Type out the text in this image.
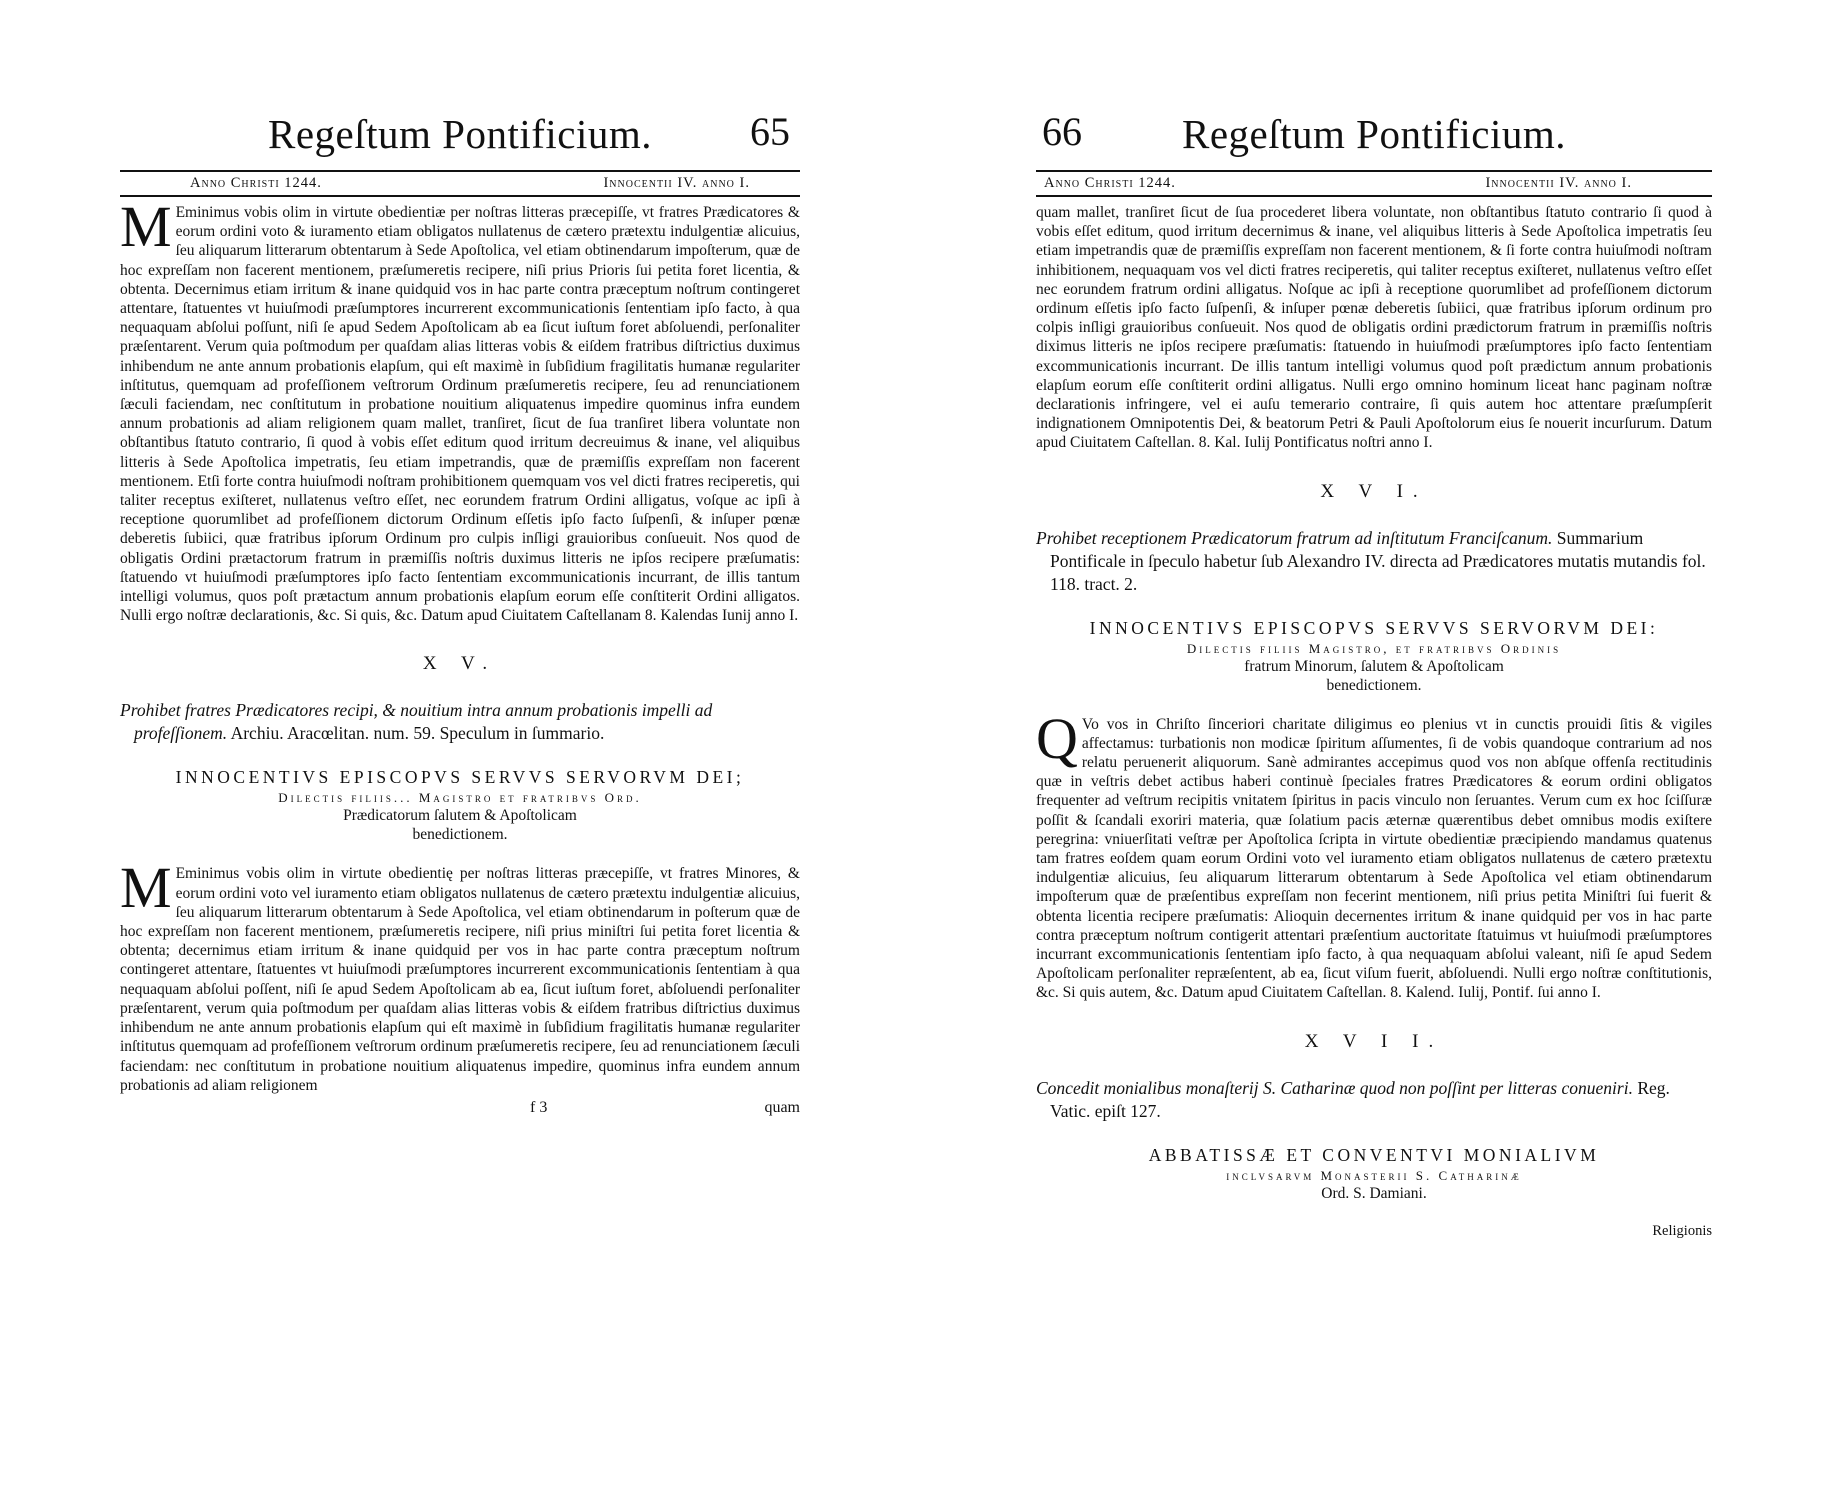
Regeſtum Pontificium.	65
Anno Christi 1244.	Innocentii IV. anno I.
M Eminimus vobis olim in virtute obedientiæ per noſtras litteras præcepiſſe, vt fratres Prædicatores & eorum ordini voto & iuramento etiam obligatos nullatenus de cætero prætextu indulgentiæ alicuius, ſeu aliquarum litterarum obtentarum à Sede Apoſtolica, vel etiam obtinendarum impoſterum, quæ de hoc expreſſam non facerent mentionem, præſumeretis recipere, niſi prius Prioris ſui petita foret licentia, & obtenta. Decernimus etiam irritum & inane quidquid vos in hac parte contra præceptum noſtrum contingeret attentare, ſtatuentes vt huiuſmodi præſumptores incurrerent excommunicationis ſententiam ipſo facto, à qua nequaquam abſolui poſſunt, niſi ſe apud Sedem Apoſtolicam ab ea ſicut iuſtum foret abſoluendi, perſonaliter præſentarent. Verum quia poſtmodum per quaſdam alias litteras vobis & eiſdem fratribus diſtrictius duximus inhibendum ne ante annum probationis elapſum, qui eſt maximè in ſubſidium fragilitatis humanæ regulariter inſtitutus, quemquam ad profeſſionem veſtrorum Ordinum præſumeretis recipere, ſeu ad renunciationem ſæculi faciendam, nec conſtitutum in probatione nouitium aliquatenus impedire quominus infra eundem annum probationis ad aliam religionem quam mallet, tranſiret, ſicut de ſua tranſiret libera voluntate non obſtantibus ſtatuto contrario, ſi quod à vobis eſſet editum quod irritum decreuimus & inane, vel aliquibus litteris à Sede Apoſtolica impetratis, ſeu etiam impetrandis, quæ de præmiſſis expreſſam non facerent mentionem. Etſi forte contra huiuſmodi noſtram prohibitionem quemquam vos vel dicti fratres reciperetis, qui taliter receptus exiſteret, nullatenus veſtro eſſet, nec eorundem fratrum Ordini alligatus, voſque ac ipſi à receptione quorumlibet ad profeſſionem dictorum Ordinum eſſetis ipſo facto ſuſpenſi, & inſuper pœnæ deberetis ſubiici, quæ fratribus ipſorum Ordinum pro culpis inſligi grauioribus conſueuit. Nos quod de obligatis Ordini prætactorum fratrum in præmiſſis noſtris duximus litteris ne ipſos recipere præſumatis: ſtatuendo vt huiuſmodi præſumptores ipſo facto ſententiam excommunicationis incurrant, de illis tantum intelligi volumus, quos poſt prætactum annum probationis elapſum eorum eſſe conſtiterit Ordini alligatos. Nulli ergo noſtræ declarationis, &c. Si quis, &c. Datum apud Ciuitatem Caſtellanam 8. Kalendas Iunij anno I.
X V.
Prohibet fratres Prædicatores recipi, & nouitium intra annum probationis impelli ad profeſſionem. Archiu. Aracœlitan. num. 59. Speculum in ſummario.
INNOCENTIVS EPISCOPVS SERVVS SERVORVM DEI;
Dilectis filiis... Magistro et fratribvs Ord.
Prædicatorum ſalutem & Apoſtolicam
benedictionem.
M Eminimus vobis olim in virtute obedientię per noſtras litteras præcepiſſe, vt fratres Minores, & eorum ordini voto vel iuramento etiam obligatos nullatenus de cætero prætextu indulgentiæ alicuius, ſeu aliquarum litterarum obtentarum à Sede Apoſtolica, vel etiam obtinendarum in poſterum quæ de hoc expreſſam non facerent mentionem, præſumeretis recipere, niſi prius miniſtri ſui petita foret licentia & obtenta; decernimus etiam irritum & inane quidquid per vos in hac parte contra præceptum noſtrum contingeret attentare, ſtatuentes vt huiuſmodi præſumptores incurrerent excommunicationis ſententiam à qua nequaquam abſolui poſſent, niſi ſe apud Sedem Apoſtolicam ab ea, ſicut iuſtum foret, abſoluendi perſonaliter præſentarent, verum quia poſtmodum per quaſdam alias litteras vobis & eiſdem fratribus diſtrictius duximus inhibendum ne ante annum probationis elapſum qui eſt maximè in ſubſidium fragilitatis humanæ regulariter inſtitutus quemquam ad profeſſionem veſtrorum ordinum præſumeretis recipere, ſeu ad renunciationem ſæculi faciendam: nec conſtitutum in probatione nouitium aliquatenus impedire, quominus infra eundem annum probationis ad aliam religionem
f 3	quam
66	Regeſtum Pontificium.
Anno Christi 1244.	Innocentii IV. anno I.
quam mallet, tranſiret ſicut de ſua procederet libera voluntate, non obſtantibus ſtatuto contrario ſi quod à vobis eſſet editum, quod irritum decernimus & inane, vel aliquibus litteris à Sede Apoſtolica impetratis ſeu etiam impetrandis quæ de præmiſſis expreſſam non facerent mentionem, & ſi forte contra huiuſmodi noſtram inhibitionem, nequaquam vos vel dicti fratres reciperetis, qui taliter receptus exiſteret, nullatenus veſtro eſſet nec eorundem fratrum ordini alligatus. Noſque ac ipſi à receptione quorumlibet ad profeſſionem dictorum ordinum eſſetis ipſo facto ſuſpenſi, & inſuper pœnæ deberetis ſubiici, quæ fratribus ipſorum ordinum pro colpis inſligi grauioribus conſueuit. Nos quod de obligatis ordini prædictorum fratrum in præmiſſis noſtris diximus litteris ne ipſos recipere præſumatis: ſtatuendo in huiuſmodi præſumptores ipſo facto ſententiam excommunicationis incurrant. De illis tantum intelligi volumus quod poſt prædictum annum probationis elapſum eorum eſſe conſtiterit ordini alligatus. Nulli ergo omnino hominum liceat hanc paginam noſtræ declarationis infringere, vel ei auſu temerario contraire, ſi quis autem hoc attentare præſumpſerit indignationem Omnipotentis Dei, & beatorum Petri & Pauli Apoſtolorum eius ſe nouerit incurſurum. Datum apud Ciuitatem Caſtellan. 8. Kal. Iulij Pontificatus noſtri anno I.
X V I.
Prohibet receptionem Prædicatorum fratrum ad inſtitutum Franciſcanum. Summarium Pontificale in ſpeculo habetur ſub Alexandro IV. directa ad Prædicatores mutatis mutandis fol. 118. tract. 2.
INNOCENTIVS EPISCOPVS SERVVS SERVORVM DEI:
Dilectis filiis Magistro, et fratribvs Ordinis
fratrum Minorum, ſalutem & Apoſtolicam
benedictionem.
Q Vo vos in Chriſto ſinceriori charitate diligimus eo plenius vt in cunctis prouidi ſitis & vigiles affectamus: turbationis non modicæ ſpiritum aſſumentes, ſi de vobis quandoque contrarium ad nos relatu peruenerit aliquorum. Sanè admirantes accepimus quod vos non abſque offenſa rectitudinis quæ in veſtris debet actibus haberi continuè ſpeciales fratres Prædicatores & eorum ordini obligatos frequenter ad veſtrum recipitis vnitatem ſpiritus in pacis vinculo non ſeruantes. Verum cum ex hoc ſciſſuræ poſſit & ſcandali exoriri materia, quæ ſolatium pacis æternæ quærentibus debet omnibus modis exiſtere peregrina: vniuerſitati veſtræ per Apoſtolica ſcripta in virtute obedientiæ præcipiendo mandamus quatenus tam fratres eoſdem quam eorum Ordini voto vel iuramento etiam obligatos nullatenus de cætero prætextu indulgentiæ alicuius, ſeu aliquarum litterarum obtentarum à Sede Apoſtolica vel etiam obtinendarum impoſterum quæ de præſentibus expreſſam non fecerint mentionem, niſi prius petita Miniſtri ſui fuerit & obtenta licentia recipere præſumatis: Alioquin decernentes irritum & inane quidquid per vos in hac parte contra præceptum noſtrum contigerit attentari præſentium auctoritate ſtatuimus vt huiuſmodi præſumptores incurrant excommunicationis ſententiam ipſo facto, à qua nequaquam abſolui valeant, niſi ſe apud Sedem Apoſtolicam perſonaliter repræſentent, ab ea, ſicut viſum fuerit, abſoluendi. Nulli ergo noſtræ conſtitutionis, &c. Si quis autem, &c. Datum apud Ciuitatem Caſtellan. 8. Kalend. Iulij, Pontif. ſui anno I.
X V I I.
Concedit monialibus monaſterij S. Catharinæ quod non poſſint per litteras conueniri. Reg. Vatic. epiſt 127.
ABBATISSÆ ET CONVENTVI MONIALIVM
inclvsarvm Monasterii S. Catharinæ
Ord. S. Damiani.
Religionis
